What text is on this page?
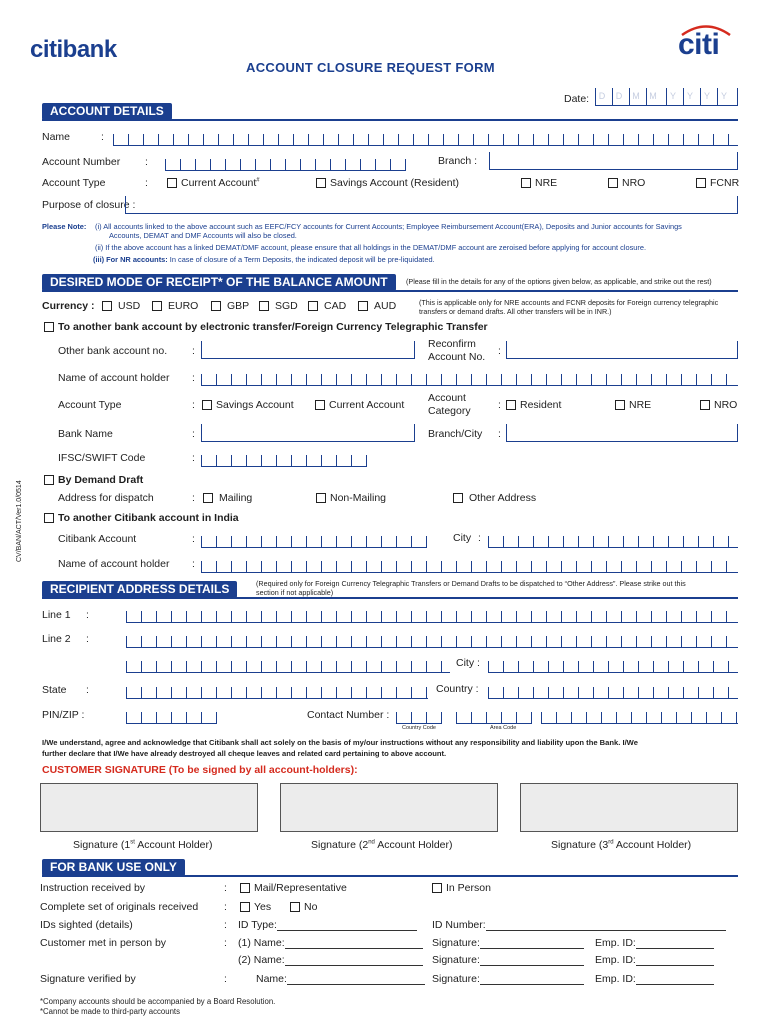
citibank	citi
ACCOUNT CLOSURE REQUEST FORM
CV/BAN/ACT/Ver1.0/0514
Date:	D	D	M	M	Y	Y	Y	Y
ACCOUNT DETAILS
Name	:
Account Number :	Branch :
Account Type	:	Current Account#	Savings Account (Resident)	NRE	NRO	FCNR
Purpose of closure :
Please Note: (i) All accounts linked to the above account such as EEFC/FCY accounts for Current Accounts; Employee Reimbursement Account(ERA), Deposits and Junior accounts for Savings
Accounts, DEMAT and DMF Accounts will also be closed.
(ii) If the above account has a linked DEMAT/DMF account, please ensure that all holdings in the DEMAT/DMF account are zeroised before applying for account closure.
(iii) For NR accounts: In case of closure of a Term Deposits, the indicated deposit will be pre-liquidated.
DESIRED MODE OF RECEIPT* OF THE BALANCE AMOUNT	(Please fill in the details for any of the options given below, as applicable, and strike out the rest)
Currency : USD	EURO	GBP SGD CAD	AUD	(This is applicable only for NRE accounts and FCNR deposits for Foreign currency telegraphic
transfers or demand drafts. All other transfers will be in INR.)
To another bank account by electronic transfer/Foreign Currency Telegraphic Transfer
Other bank account no. :
Reconfirm
Account No. :
Name of account holder :
Account Type	: Savings Account	Current Account
Account
Category	: Resident	NRE	NRO
Bank Name	:	Branch/City :
IFSC/SWIFT Code	:
By Demand Draft
Address for dispatch	: Mailing	Non-Mailing	Other Address
To another Citibank account in India
Citibank Account	:	City :
Name of account holder :
RECIPIENT ADDRESS DETAILS	(Required only for Foreign Currency Telegraphic Transfers or Demand Drafts to be dispatched to “Other Address”. Please strike out this
section if not applicable)
Line 1 :
Line 2 :
City :
State :	Country :
PIN/ZIP :	Contact Number :
Country Code	Area Code
I/We understand, agree and acknowledge that Citibank shall act solely on the basis of my/our instructions without any responsibility and liability upon the Bank. I/We
further declare that I/We have already destroyed all cheque leaves and related card pertaining to above account.
CUSTOMER SIGNATURE (To be signed by all account-holders):
Signature (1st Account Holder)	Signature (2nd Account Holder)	Signature (3rd Account Holder)
FOR BANK USE ONLY
Instruction received by	:	Mail/Representative	In Person
Complete set of originals received :	Yes	No
IDs sighted (details)	: ID Type:	ID Number:
Customer met in person by	: (1) Name:	Signature:	Emp. ID:
(2) Name:	Signature:	Emp. ID:
Signature verified by	:	Name:	Signature:	Emp. ID:
*Company accounts should be accompanied by a Board Resolution.
*Cannot be made to third-party accounts
